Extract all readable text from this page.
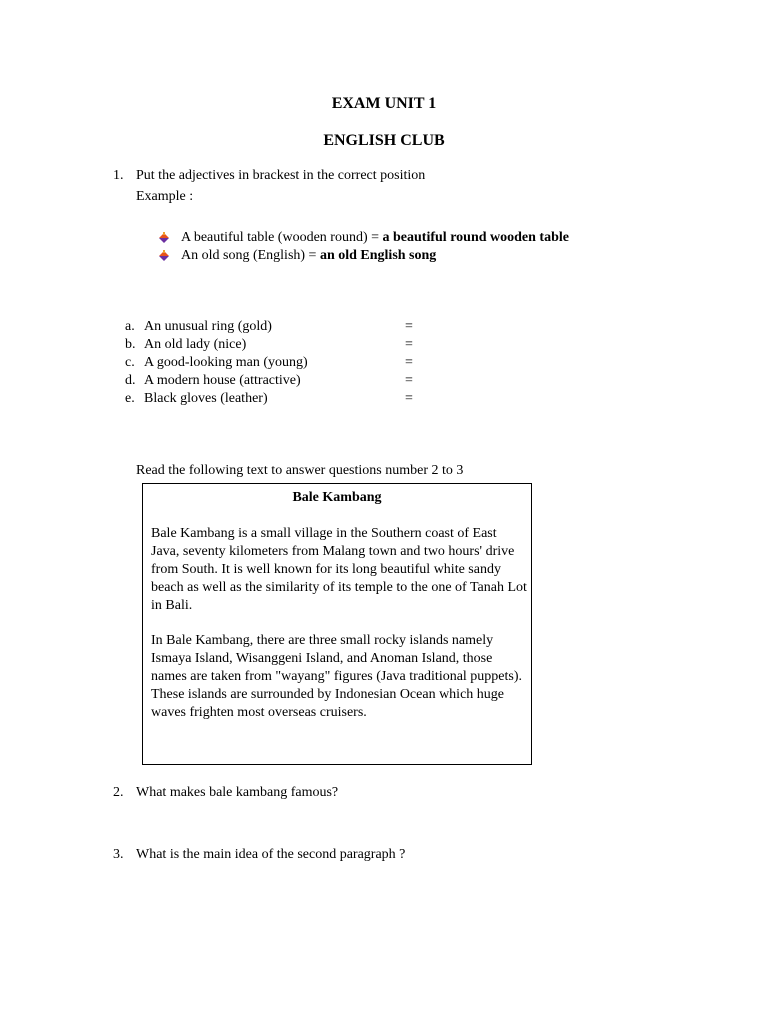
EXAM UNIT 1
ENGLISH CLUB
1. Put the adjectives in brackest in the correct position
Example :
A beautiful table (wooden round) = a beautiful round wooden table
An old song (English) = an old English song
a. An unusual ring (gold)	=
b. An old lady (nice)	=
c. A good-looking man (young)	=
d. A modern house (attractive)	=
e. Black gloves (leather)	=
Read the following text to answer questions number 2 to 3
Bale Kambang
Bale Kambang is a small village in the Southern coast of East Java, seventy kilometers from Malang town and two hours' drive from South. It is well known for its long beautiful white sandy beach as well as the similarity of its temple to the one of Tanah Lot in Bali.
In Bale Kambang, there are three small rocky islands namely Ismaya Island, Wisanggeni Island, and Anoman Island, those names are taken from "wayang" figures (Java traditional puppets). These islands are surrounded by Indonesian Ocean which huge waves frighten most overseas cruisers.
2. What makes bale kambang famous?
3. What is the main idea of the second paragraph ?
